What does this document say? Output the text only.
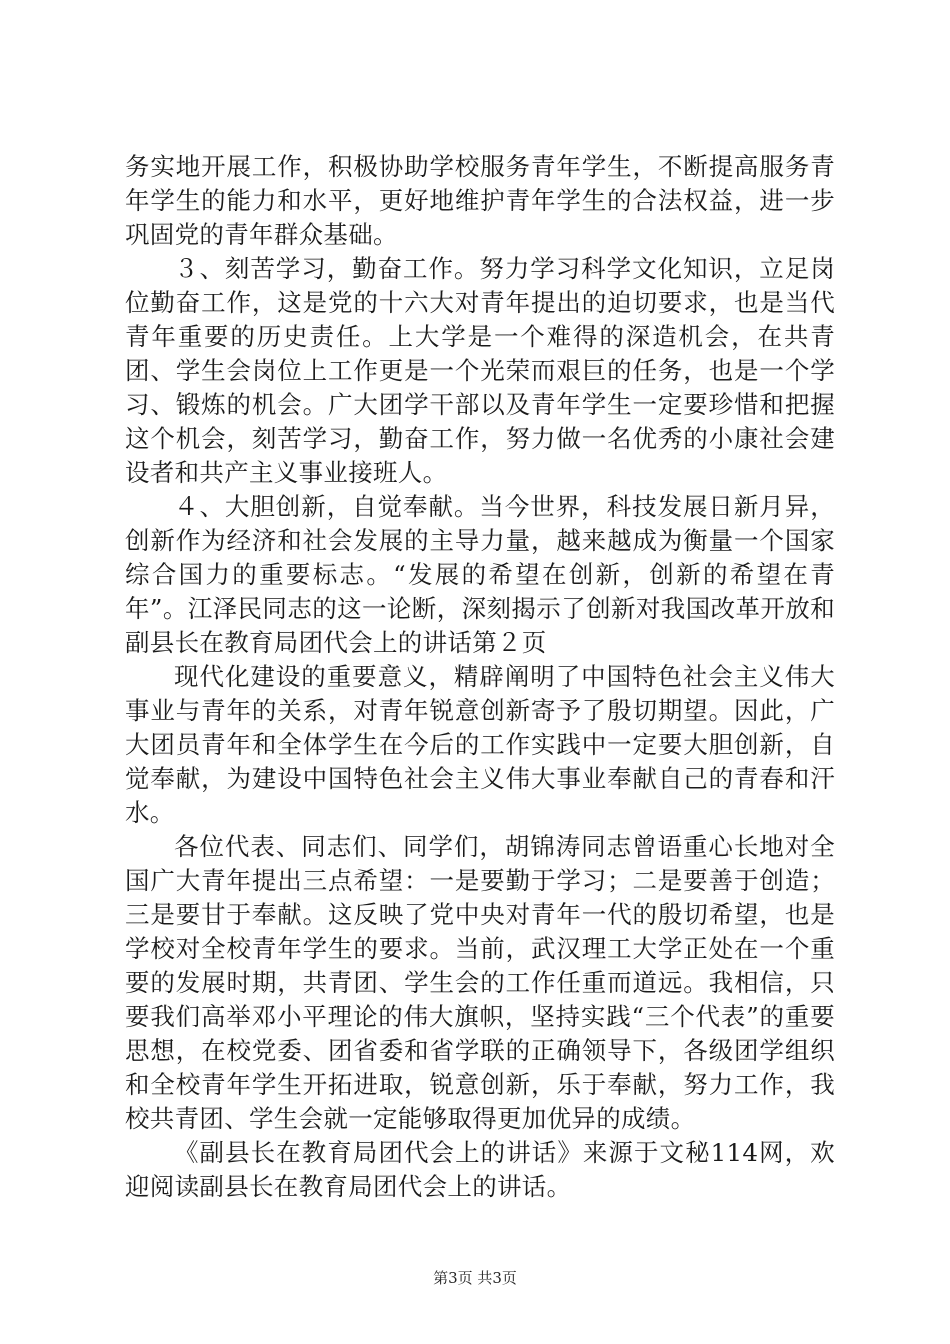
务实地开展工作，积极协助学校服务青年学生，不断提高服务青年学生的能力和水平，更好地维护青年学生的合法权益，进一步巩固党的青年群众基础。

３、刻苦学习，勤奋工作。努力学习科学文化知识，立足岗位勤奋工作，这是党的十六大对青年提出的迫切要求，也是当代青年重要的历史责任。上大学是一个难得的深造机会，在共青团、学生会岗位上工作更是一个光荣而艰巨的任务，也是一个学习、锻炼的机会。广大团学干部以及青年学生一定要珍惜和把握这个机会，刻苦学习，勤奋工作，努力做一名优秀的小康社会建设者和共产主义事业接班人。

４、大胆创新，自觉奉献。当今世界，科技发展日新月异，创新作为经济和社会发展的主导力量，越来越成为衡量一个国家综合国力的重要标志。“发展的希望在创新，创新的希望在青年”。江泽民同志的这一论断，深刻揭示了创新对我国改革开放和副县长在教育局团代会上的讲话第２页

现代化建设的重要意义，精辟阐明了中国特色社会主义伟大事业与青年的关系，对青年锐意创新寄予了殷切期望。因此，广大团员青年和全体学生在今后的工作实践中一定要大胆创新，自觉奉献，为建设中国特色社会主义伟大事业奉献自己的青春和汗水。

各位代表、同志们、同学们，胡锦涛同志曾语重心长地对全国广大青年提出三点希望：一是要勤于学习；二是要善于创造；三是要甘于奉献。这反映了党中央对青年一代的殷切希望，也是学校对全校青年学生的要求。当前，武汉理工大学正处在一个重要的发展时期，共青团、学生会的工作任重而道远。我相信，只要我们高举邓小平理论的伟大旗帜，坚持实践“三个代表”的重要思想，在校党委、团省委和省学联的正确领导下，各级团学组织和全校青年学生开拓进取，锐意创新，乐于奉献，努力工作，我校共青团、学生会就一定能够取得更加优异的成绩。

《副县长在教育局团代会上的讲话》来源于文秘114网，欢迎阅读副县长在教育局团代会上的讲话。

第3页 共3页
